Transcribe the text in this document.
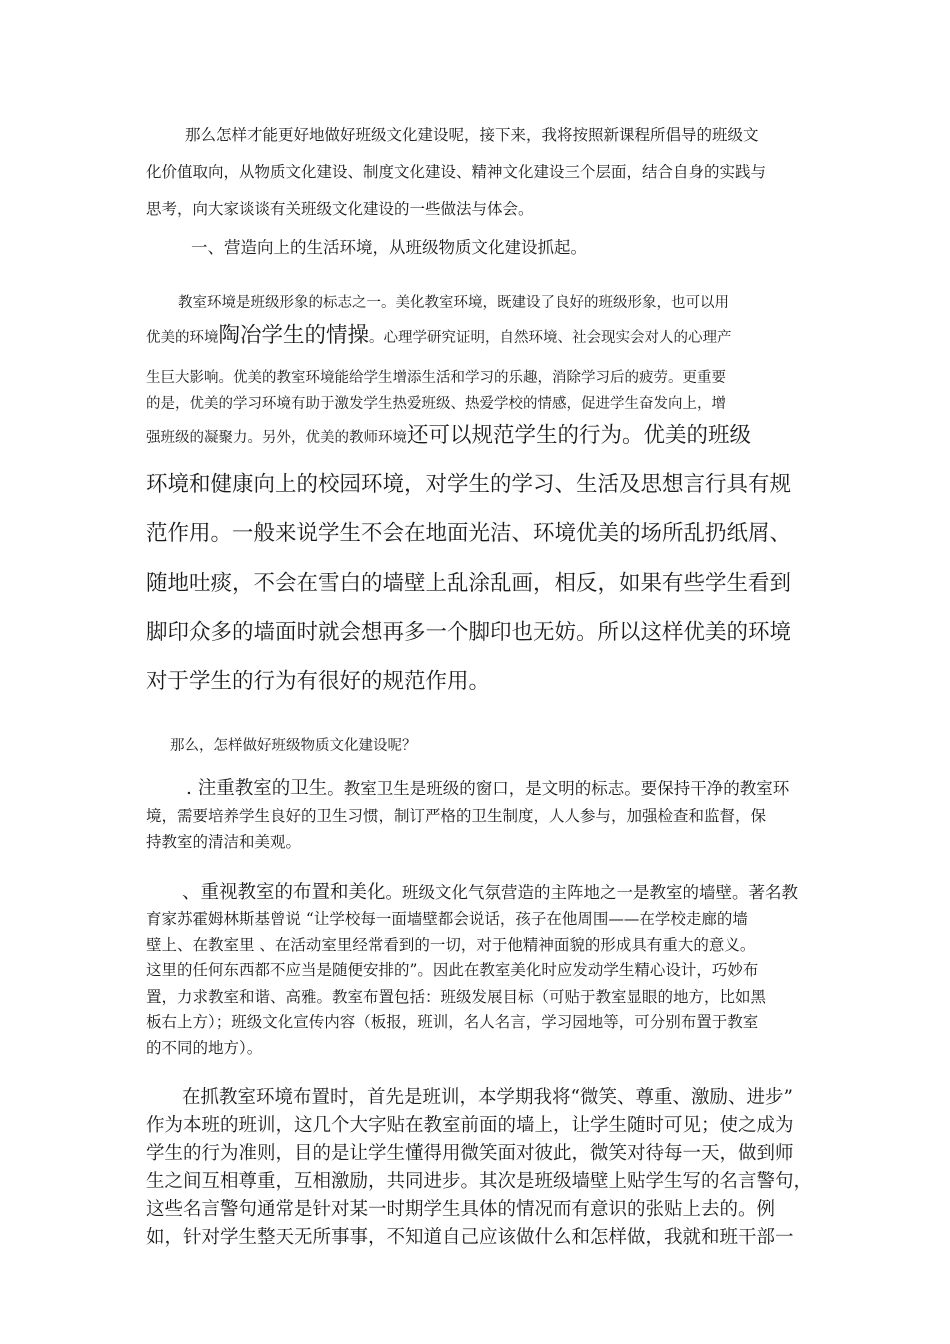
那么怎样才能更好地做好班级文化建设呢，接下来，我将按照新课程所倡导的班级文

化价值取向，从物质文化建设、制度文化建设、精神文化建设三个层面，结合自身的实践与

思考，向大家谈谈有关班级文化建设的一些做法与体会。

一、营造向上的生活环境，从班级物质文化建设抓起。

教室环境是班级形象的标志之一。美化教室环境，既建设了良好的班级形象，也可以用

优美的环境陶冶学生的情操。心理学研究证明，自然环境、社会现实会对人的心理产

生巨大影响。优美的教室环境能给学生增添生活和学习的乐趣，消除学习后的疲劳。更重要

的是，优美的学习环境有助于激发学生热爱班级、热爱学校的情感，促进学生奋发向上，增

强班级的凝聚力。另外，优美的教师环境还可以规范学生的行为。优美的班级

环境和健康向上的校园环境，对学生的学习、生活及思想言行具有规

范作用。一般来说学生不会在地面光洁、环境优美的场所乱扔纸屑、

随地吐痰，不会在雪白的墙壁上乱涂乱画，相反，如果有些学生看到

脚印众多的墙面时就会想再多一个脚印也无妨。所以这样优美的环境

对于学生的行为有很好的规范作用。

那么，怎样做好班级物质文化建设呢？

. 注重教室的卫生。教室卫生是班级的窗口，是文明的标志。要保持干净的教室环

境，需要培养学生良好的卫生习惯，制订严格的卫生制度，人人参与，加强检查和监督，保

持教室的清洁和美观。

、重视教室的布置和美化。班级文化气氛营造的主阵地之一是教室的墙壁。著名教

育家苏霍姆林斯基曾说 “让学校每一面墙壁都会说话，孩子在他周围——在学校走廊的墙

壁上、在教室里 、在活动室里经常看到的一切，对于他精神面貌的形成具有重大的意义。

这里的任何东西都不应当是随便安排的”。因此在教室美化时应发动学生精心设计，巧妙布

置，力求教室和谐、高雅。教室布置包括：班级发展目标（可贴于教室显眼的地方，比如黑

板右上方）；班级文化宣传内容（板报，班训，名人名言，学习园地等，可分别布置于教室

的不同的地方）。

在抓教室环境布置时，首先是班训，本学期我将“微笑、尊重、激励、进步”

作为本班的班训，这几个大字贴在教室前面的墙上，让学生随时可见；使之成为

学生的行为准则，目的是让学生懂得用微笑面对彼此，微笑对待每一天，做到师

生之间互相尊重，互相激励，共同进步。其次是班级墙壁上贴学生写的名言警句，

这些名言警句通常是针对某一时期学生具体的情况而有意识的张贴上去的。例

如，针对学生整天无所事事，不知道自己应该做什么和怎样做，我就和班干部一
